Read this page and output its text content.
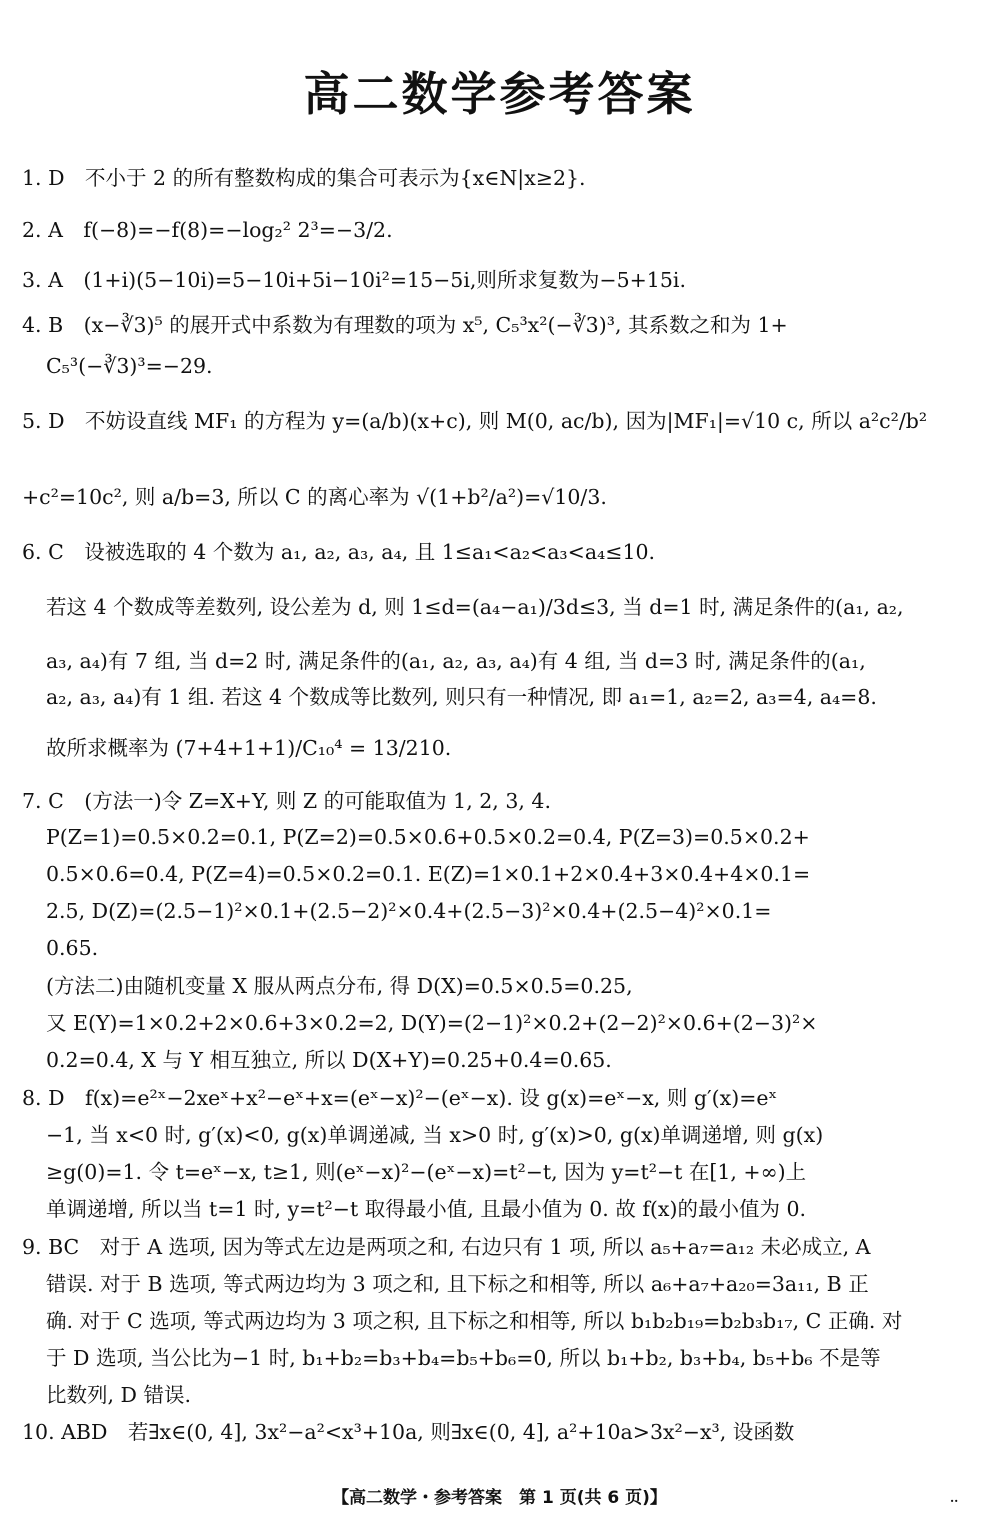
高二数学参考答案
1. D　不小于 2 的所有整数构成的集合可表示为{x∈N|x≥2}.
2. A　f(−8)=−f(8)=−log₂² 2³=−3/2.
3. A　(1+i)(5−10i)=5−10i+5i−10i²=15−5i,则所求复数为−5+15i.
4. B　(x−∛3)⁵ 的展开式中系数为有理数的项为 x⁵, C₅³x²(−∛3)³, 其系数之和为 1+
C₅³(−∛3)³=−29.
5. D　不妨设直线 MF₁ 的方程为 y=(a/b)(x+c), 则 M(0, ac/b), 因为|MF₁|=√10 c, 所以 a²c²/b²
+c²=10c², 则 a/b=3, 所以 C 的离心率为 √(1+b²/a²)=√10/3.
6. C　设被选取的 4 个数为 a₁, a₂, a₃, a₄, 且 1≤a₁<a₂<a₃<a₄≤10.
若这 4 个数成等差数列, 设公差为 d, 则 1≤d=(a₄−a₁)/3d≤3, 当 d=1 时, 满足条件的(a₁, a₂,
a₃, a₄)有 7 组, 当 d=2 时, 满足条件的(a₁, a₂, a₃, a₄)有 4 组, 当 d=3 时, 满足条件的(a₁,
a₂, a₃, a₄)有 1 组. 若这 4 个数成等比数列, 则只有一种情况, 即 a₁=1, a₂=2, a₃=4, a₄=8.
故所求概率为 (7+4+1+1)/C₁₀⁴ = 13/210.
7. C　(方法一)令 Z=X+Y, 则 Z 的可能取值为 1, 2, 3, 4.
P(Z=1)=0.5×0.2=0.1, P(Z=2)=0.5×0.6+0.5×0.2=0.4, P(Z=3)=0.5×0.2+
0.5×0.6=0.4, P(Z=4)=0.5×0.2=0.1. E(Z)=1×0.1+2×0.4+3×0.4+4×0.1=
2.5, D(Z)=(2.5−1)²×0.1+(2.5−2)²×0.4+(2.5−3)²×0.4+(2.5−4)²×0.1=
0.65.
(方法二)由随机变量 X 服从两点分布, 得 D(X)=0.5×0.5=0.25,
又 E(Y)=1×0.2+2×0.6+3×0.2=2, D(Y)=(2−1)²×0.2+(2−2)²×0.6+(2−3)²×
0.2=0.4, X 与 Y 相互独立, 所以 D(X+Y)=0.25+0.4=0.65.
8. D　f(x)=e²ˣ−2xeˣ+x²−eˣ+x=(eˣ−x)²−(eˣ−x). 设 g(x)=eˣ−x, 则 g′(x)=eˣ
−1, 当 x<0 时, g′(x)<0, g(x)单调递减, 当 x>0 时, g′(x)>0, g(x)单调递增, 则 g(x)
≥g(0)=1. 令 t=eˣ−x, t≥1, 则(eˣ−x)²−(eˣ−x)=t²−t, 因为 y=t²−t 在[1, +∞)上
单调递增, 所以当 t=1 时, y=t²−t 取得最小值, 且最小值为 0. 故 f(x)的最小值为 0.
9. BC　对于 A 选项, 因为等式左边是两项之和, 右边只有 1 项, 所以 a₅+a₇=a₁₂ 未必成立, A
错误. 对于 B 选项, 等式两边均为 3 项之和, 且下标之和相等, 所以 a₆+a₇+a₂₀=3a₁₁, B 正
确. 对于 C 选项, 等式两边均为 3 项之积, 且下标之和相等, 所以 b₁b₂b₁₉=b₂b₃b₁₇, C 正确. 对
于 D 选项, 当公比为−1 时, b₁+b₂=b₃+b₄=b₅+b₆=0, 所以 b₁+b₂, b₃+b₄, b₅+b₆ 不是等
比数列, D 错误.
10. ABD　若∃x∈(0, 4], 3x²−a²<x³+10a, 则∃x∈(0, 4], a²+10a>3x²−x³, 设函数
【高二数学・参考答案　第 1 页(共 6 页)】	··
